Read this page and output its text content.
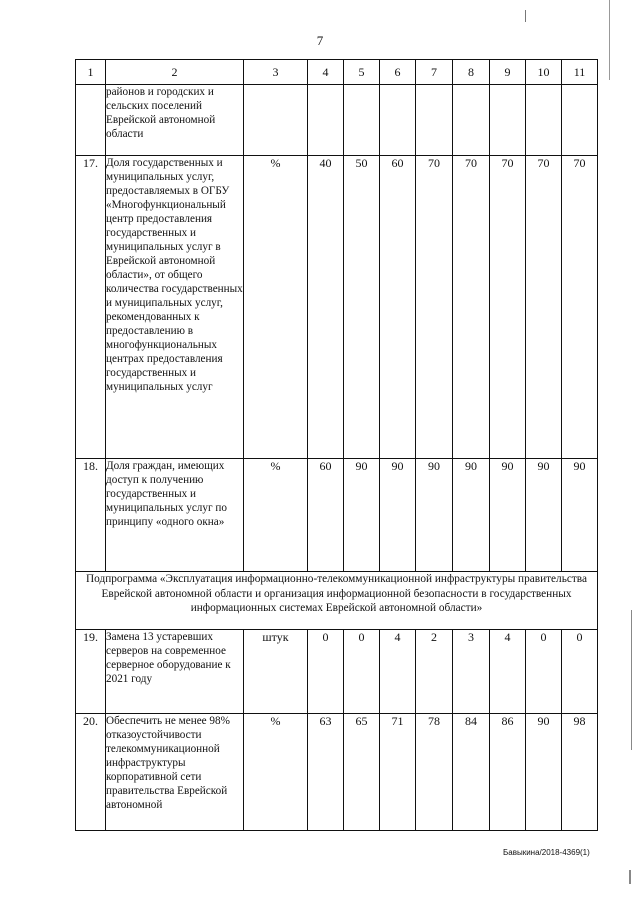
7
1	2	3	4	5	6	7	8	9	10	11
	районов и городских и сельских поселений Еврейской автономной области									
17.	Доля государственных и муниципальных услуг, предоставляемых в ОГБУ «Многофункциональный центр предоставления государственных и муниципальных услуг в Еврейской автономной области», от общего количества государственных и муниципальных услуг, рекомендованных к предоставлению в многофункциональных центрах предоставления государственных и муниципальных услуг	%	40	50	60	70	70	70	70	70
18.	Доля граждан, имеющих доступ к получению государственных и муниципальных услуг по принципу «одного окна»	%	60	90	90	90	90	90	90	90
Подпрограмма «Эксплуатация информационно-телекоммуникационной инфраструктуры правительства Еврейской автономной области и организация информационной безопасности в государственных информационных системах Еврейской автономной области»										
19.	Замена 13 устаревших серверов на современное серверное оборудование к 2021 году	штук	0	0	4	2	3	4	0	0
20.	Обеспечить не менее 98% отказоустойчивости телекоммуникационной инфраструктуры корпоративной сети правительства Еврейской автономной	%	63	65	71	78	84	86	90	98
Бавыкина/2018-4369(1)
